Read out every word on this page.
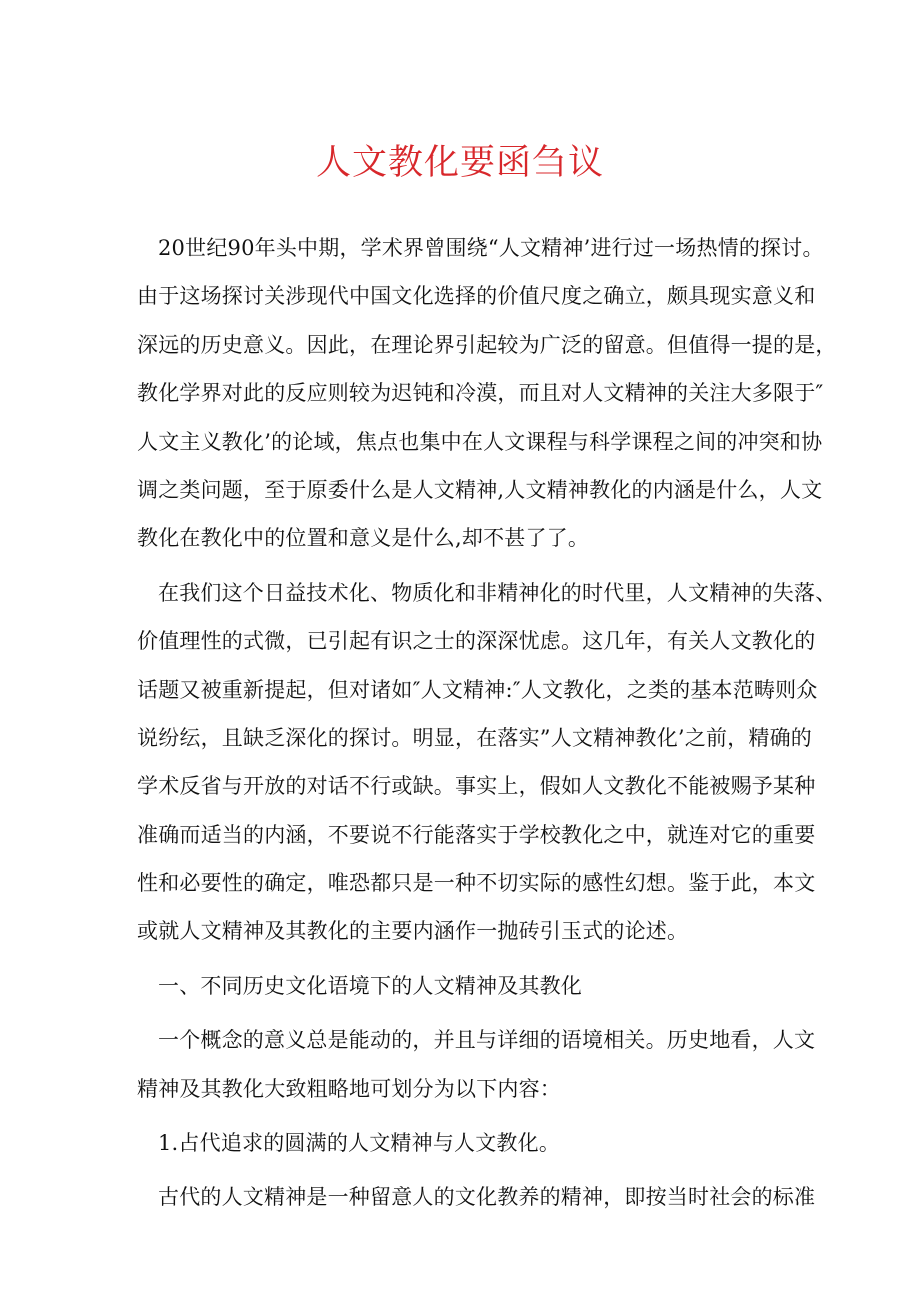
人文教化要函刍议
20世纪90年头中期，学术界曾围绕“人文精神’进行过一场热情的探讨。
由于这场探讨关涉现代中国文化选择的价值尺度之确立，颇具现实意义和
深远的历史意义。因此，在理论界引起较为广泛的留意。但值得一提的是，
教化学界对此的反应则较为迟钝和冷漠，而且对人文精神的关注大多限于″
人文主义教化’的论域，焦点也集中在人文课程与科学课程之间的冲突和协
调之类问题，至于原委什么是人文精神,人文精神教化的内涵是什么，人文
教化在教化中的位置和意义是什么,却不甚了了。
在我们这个日益技术化、物质化和非精神化的时代里，人文精神的失落、
价值理性的式微，已引起有识之士的深深忧虑。这几年，有关人文教化的
话题又被重新提起，但对诸如″人文精神:″人文教化，之类的基本范畴则众
说纷纭，且缺乏深化的探讨。明显，在落实”人文精神教化’之前，精确的
学术反省与开放的对话不行或缺。事实上，假如人文教化不能被赐予某种
准确而适当的内涵，不要说不行能落实于学校教化之中，就连对它的重要
性和必要性的确定，唯恐都只是一种不切实际的感性幻想。鉴于此，本文
或就人文精神及其教化的主要内涵作一抛砖引玉式的论述。
一、不同历史文化语境下的人文精神及其教化
一个概念的意义总是能动的，并且与详细的语境相关。历史地看，人文
精神及其教化大致粗略地可划分为以下内容：
1.占代追求的圆满的人文精神与人文教化。
古代的人文精神是一种留意人的文化教养的精神，即按当时社会的标准
